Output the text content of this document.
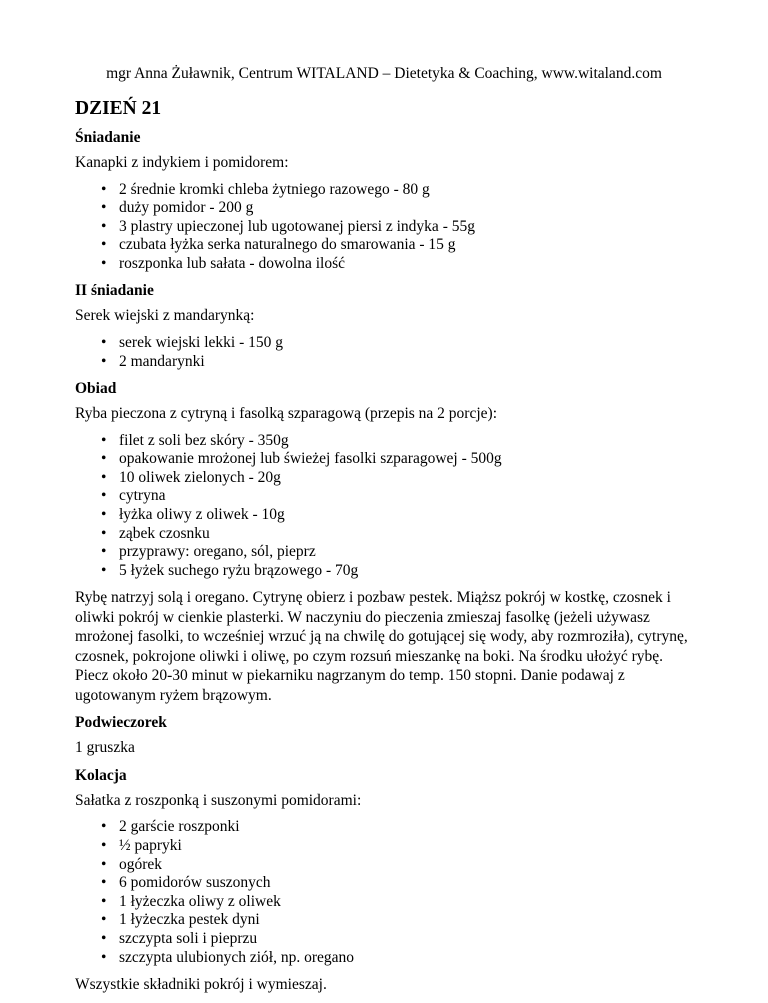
mgr Anna Żuławnik, Centrum WITALAND – Dietetyka & Coaching, www.witaland.com
DZIEŃ 21
Śniadanie
Kanapki z indykiem i pomidorem:
• 2 średnie kromki chleba żytniego razowego - 80 g
• duży pomidor - 200 g
• 3 plastry upieczonej lub ugotowanej piersi z indyka - 55g
• czubata łyżka serka naturalnego do smarowania - 15 g
• roszponka lub sałata - dowolna ilość
II śniadanie
Serek wiejski z mandarynką:
• serek wiejski lekki - 150 g
• 2 mandarynki
Obiad
Ryba pieczona z cytryną i fasolką szparagową (przepis na 2 porcje):
• filet z soli bez skóry - 350g
• opakowanie mrożonej lub świeżej fasolki szparagowej - 500g
• 10 oliwek zielonych - 20g
• cytryna
• łyżka oliwy z oliwek - 10g
• ząbek czosnku
• przyprawy: oregano, sól, pieprz
• 5 łyżek suchego ryżu brązowego - 70g
Rybę natrzyj solą i oregano. Cytrynę obierz i pozbaw pestek. Miąższ pokrój w kostkę, czosnek i oliwki pokrój w cienkie plasterki. W naczyniu do pieczenia zmieszaj fasolkę (jeżeli używasz mrożonej fasolki, to wcześniej wrzuć ją na chwilę do gotującej się wody, aby rozmroziła), cytrynę, czosnek, pokrojone oliwki i oliwę, po czym rozsuń mieszankę na boki. Na środku ułożyć rybę. Piecz około 20-30 minut w piekarniku nagrzanym do temp. 150 stopni. Danie podawaj z ugotowanym ryżem brązowym.
Podwieczorek
1 gruszka
Kolacja
Sałatka z roszponką i suszonymi pomidorami:
• 2 garście roszponki
• ½ papryki
• ogórek
• 6 pomidorów suszonych
• 1 łyżeczka oliwy z oliwek
• 1 łyżeczka pestek dyni
• szczypta soli i pieprzu
• szczypta ulubionych ziół, np. oregano
Wszystkie składniki pokrój i wymieszaj.
